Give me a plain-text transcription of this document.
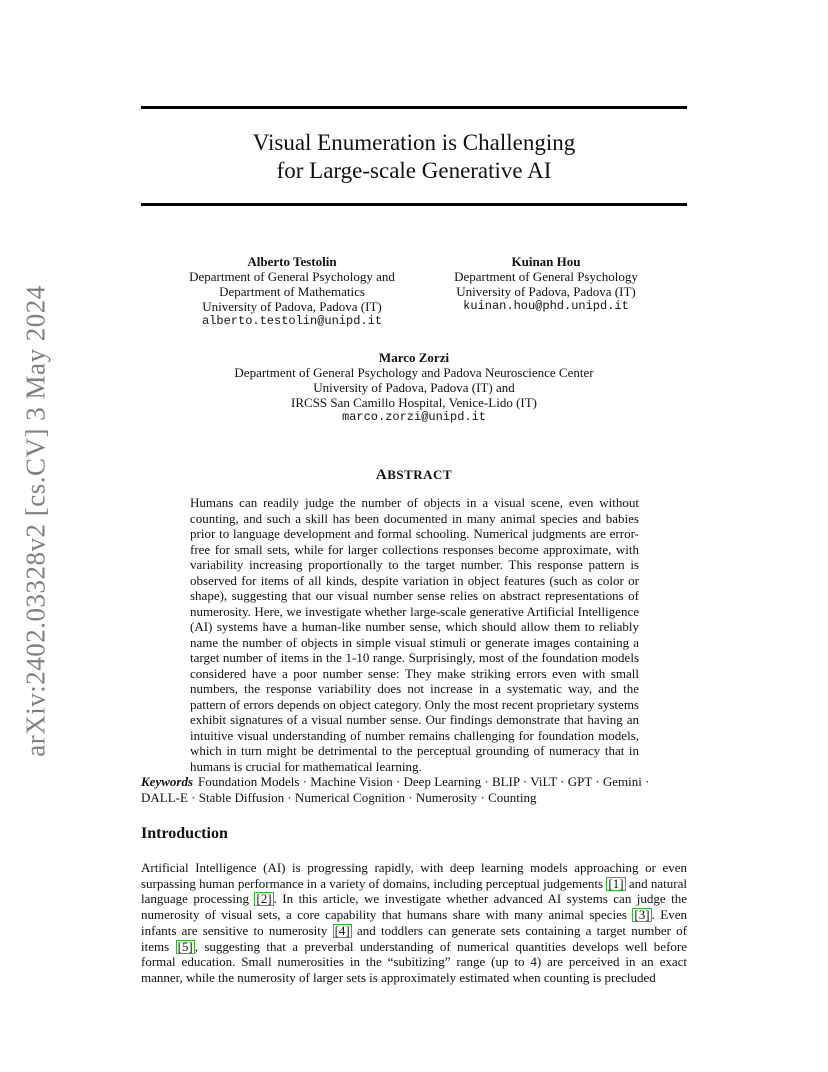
arXiv:2402.03328v2 [cs.CV] 3 May 2024
Visual Enumeration is Challenging
for Large-scale Generative AI
Alberto Testolin
Department of General Psychology and
Department of Mathematics
University of Padova, Padova (IT)
alberto.testolin@unipd.it
Kuinan Hou
Department of General Psychology
University of Padova, Padova (IT)
kuinan.hou@phd.unipd.it
Marco Zorzi
Department of General Psychology and Padova Neuroscience Center
University of Padova, Padova (IT) and
IRCSS San Camillo Hospital, Venice-Lido (IT)
marco.zorzi@unipd.it
ABSTRACT
Humans can readily judge the number of objects in a visual scene, even without counting, and such a skill has been documented in many animal species and babies prior to language development and formal schooling. Numerical judgments are error-free for small sets, while for larger collections responses become approximate, with variability increasing proportionally to the target number. This response pattern is observed for items of all kinds, despite variation in object features (such as color or shape), suggesting that our visual number sense relies on abstract representations of numerosity. Here, we investigate whether large-scale generative Artificial Intelligence (AI) systems have a human-like number sense, which should allow them to reliably name the number of objects in simple visual stimuli or generate images containing a target number of items in the 1-10 range. Surprisingly, most of the foundation models considered have a poor number sense: They make striking errors even with small numbers, the response variability does not increase in a systematic way, and the pattern of errors depends on object category. Only the most recent proprietary systems exhibit signatures of a visual number sense. Our findings demonstrate that having an intuitive visual understanding of number remains challenging for foundation models, which in turn might be detrimental to the perceptual grounding of numeracy that in humans is crucial for mathematical learning.
Keywords Foundation Models · Machine Vision · Deep Learning · BLIP · ViLT · GPT · Gemini · DALL-E · Stable Diffusion · Numerical Cognition · Numerosity · Counting
Introduction
Artificial Intelligence (AI) is progressing rapidly, with deep learning models approaching or even surpassing human performance in a variety of domains, including perceptual judgements [1] and natural language processing [2] . In this article, we investigate whether advanced AI systems can judge the numerosity of visual sets, a core capability that humans share with many animal species [3] . Even infants are sensitive to numerosity [4] and toddlers can generate sets containing a target number of items [5] , suggesting that a preverbal understanding of numerical quantities develops well before formal education. Small numerosities in the “subitizing” range (up to 4) are perceived in an exact manner, while the numerosity of larger sets is approximately estimated when counting is precluded
